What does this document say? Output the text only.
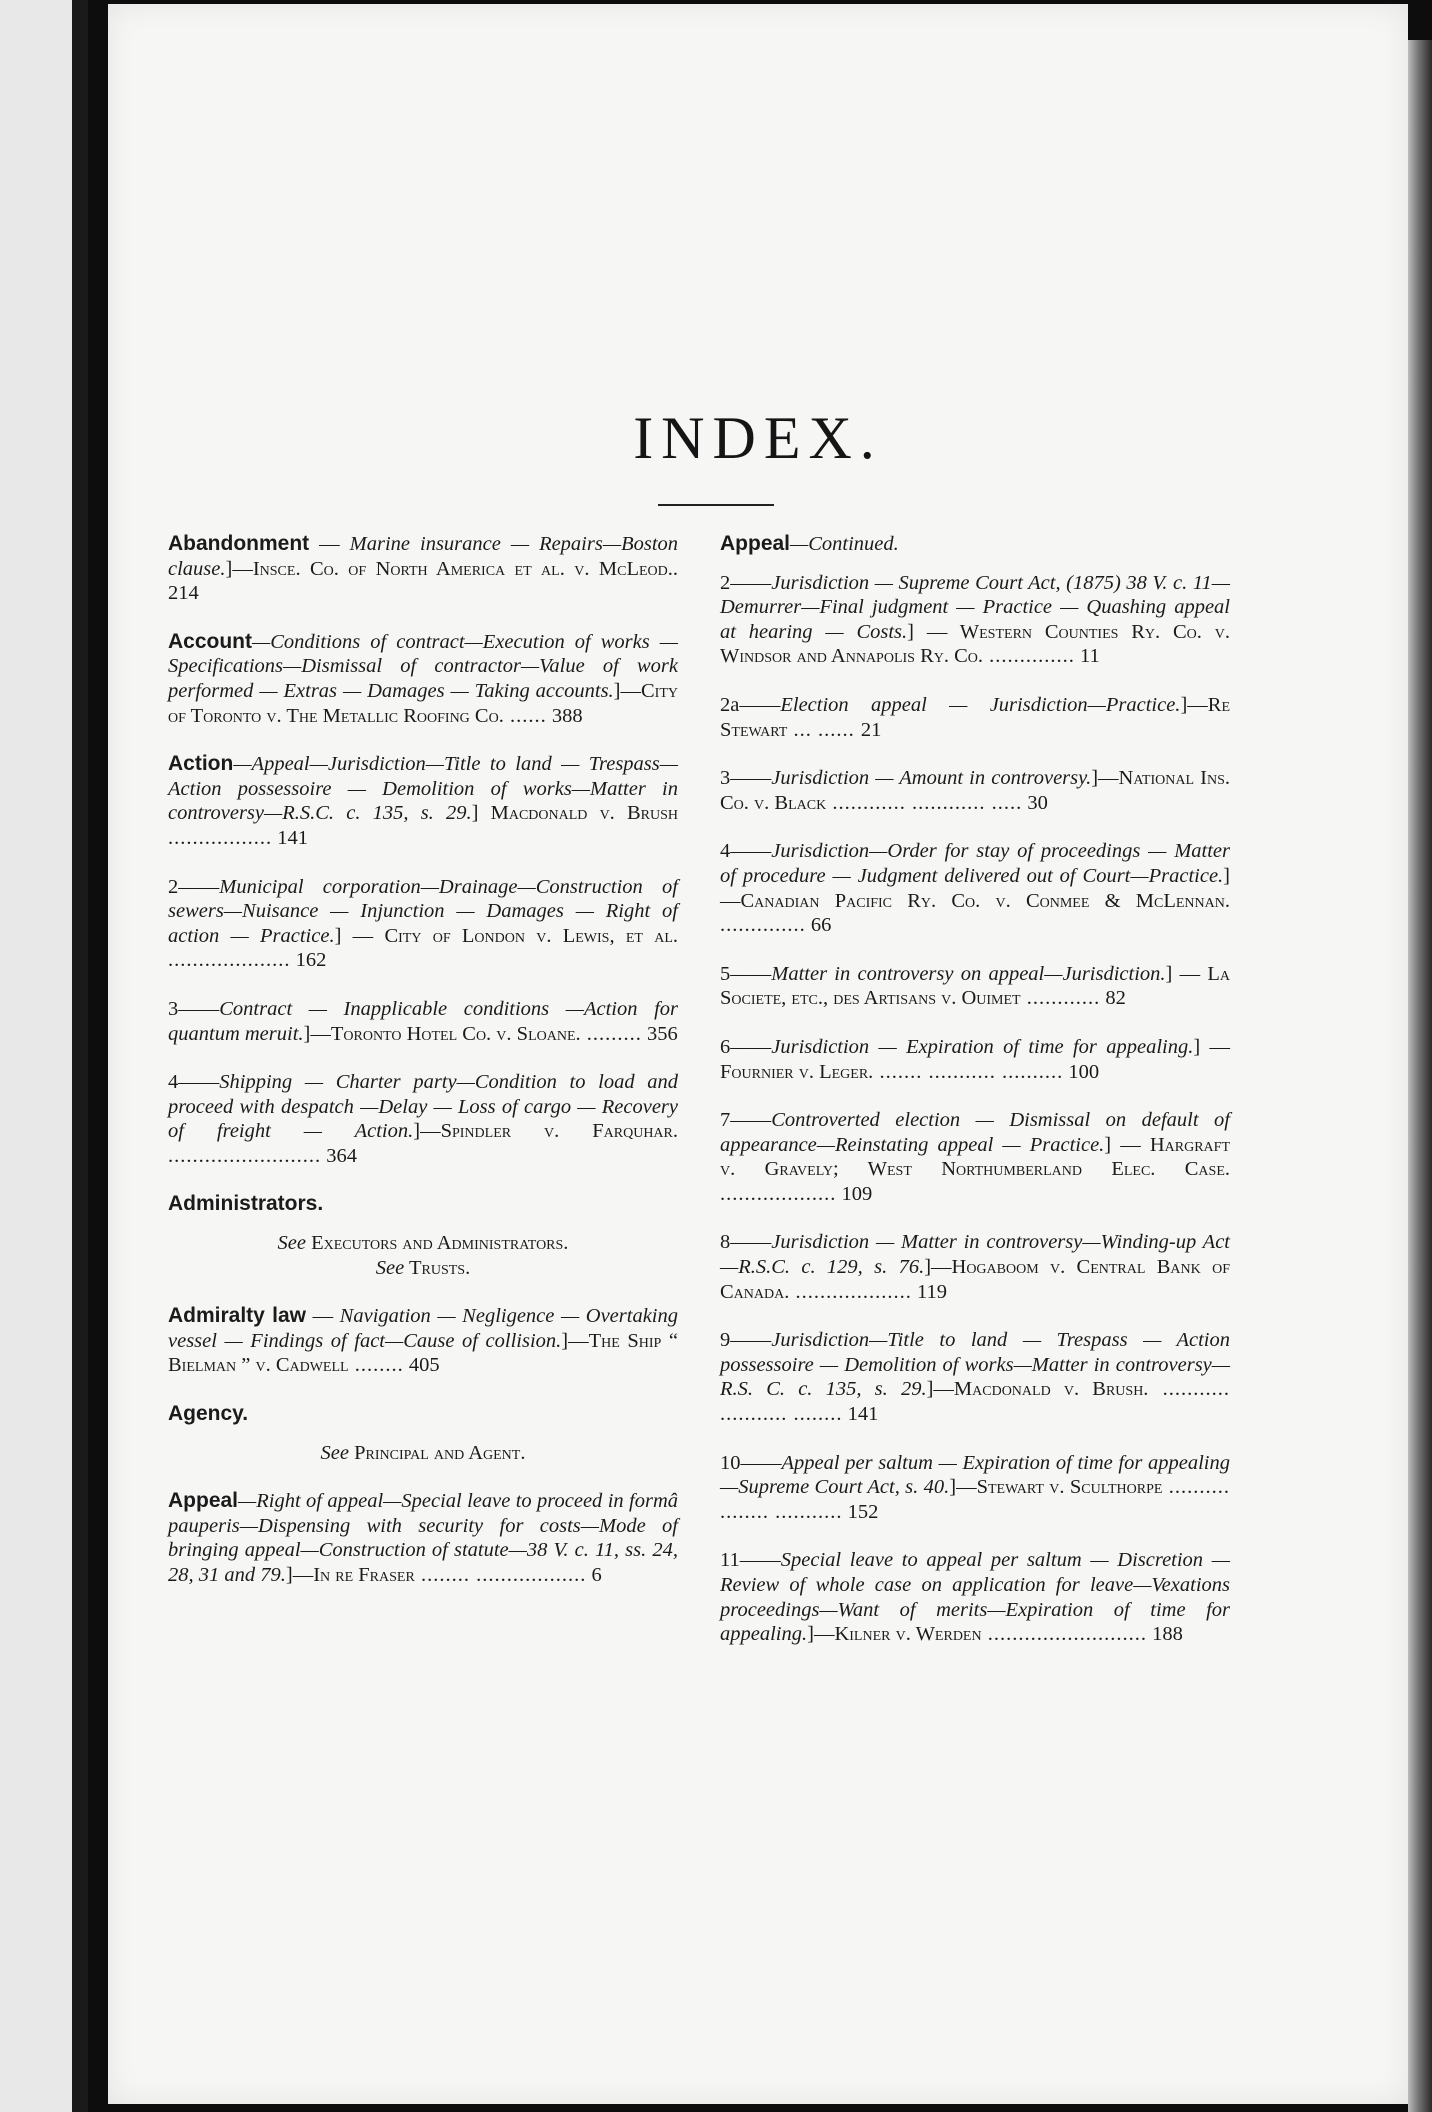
INDEX.
Abandonment — Marine insurance — Repairs—Boston clause.]—Insce. Co. of North America et al. v. McLeod.. 214
Account—Conditions of contract—Execution of works — Specifications—Dismissal of contractor—Value of work performed — Extras — Damages — Taking accounts.]—City of Toronto v. The Metallic Roofing Co. ...... 388
Action—Appeal—Jurisdiction—Title to land — Trespass—Action possessoire — Demolition of works—Matter in controversy—R.S.C. c. 135, s. 29.] Macdonald v. Brush ................. 141
2——Municipal corporation—Drainage—Construction of sewers—Nuisance — Injunction — Damages — Right of action — Practice.] — City of London v. Lewis, et al. .................... 162
3——Contract — Inapplicable conditions —Action for quantum meruit.]—Toronto Hotel Co. v. Sloane. ......... 356
4——Shipping — Charter party—Condition to load and proceed with despatch —Delay — Loss of cargo — Recovery of freight — Action.]—Spindler v. Farquhar. ......................... 364
Administrators.
See Executors and Administrators.
See Trusts.
Admiralty law — Navigation — Negligence — Overtaking vessel — Findings of fact—Cause of collision.]—The Ship “ Bielman ” v. Cadwell ........ 405
Agency.
See Principal and Agent.
Appeal—Right of appeal—Special leave to proceed in formâ pauperis—Dispensing with security for costs—Mode of bringing appeal—Construction of statute—38 V. c. 11, ss. 24, 28, 31 and 79.]—In re Fraser ........ .................. 6
Appeal—Continued.
2——Jurisdiction — Supreme Court Act, (1875) 38 V. c. 11—Demurrer—Final judgment — Practice — Quashing appeal at hearing — Costs.] — Western Counties Ry. Co. v. Windsor and Annapolis Ry. Co. .............. 11
2a——Election appeal — Jurisdiction—Practice.]—Re Stewart ... ...... 21
3——Jurisdiction — Amount in controversy.]—National Ins. Co. v. Black ............ ............ ..... 30
4——Jurisdiction—Order for stay of proceedings — Matter of procedure — Judgment delivered out of Court—Practice.] —Canadian Pacific Ry. Co. v. Conmee & McLennan. .............. 66
5——Matter in controversy on appeal—Jurisdiction.] — La Societe, etc., des Artisans v. Ouimet ............ 82
6——Jurisdiction — Expiration of time for appealing.] — Fournier v. Leger. ....... ........... .......... 100
7——Controverted election — Dismissal on default of appearance—Reinstating appeal — Practice.] — Hargraft v. Gravely; West Northumberland Elec. Case. ................... 109
8——Jurisdiction — Matter in controversy—Winding-up Act—R.S.C. c. 129, s. 76.]—Hogaboom v. Central Bank of Canada. ................... 119
9——Jurisdiction—Title to land — Trespass — Action possessoire — Demolition of works—Matter in controversy—R.S. C. c. 135, s. 29.]—Macdonald v. Brush. ........... ........... ........ 141
10——Appeal per saltum — Expiration of time for appealing—Supreme Court Act, s. 40.]—Stewart v. Sculthorpe .......... ........ ........... 152
11——Special leave to appeal per saltum — Discretion — Review of whole case on application for leave—Vexations proceedings—Want of merits—Expiration of time for appealing.]—Kilner v. Werden .......................... 188
